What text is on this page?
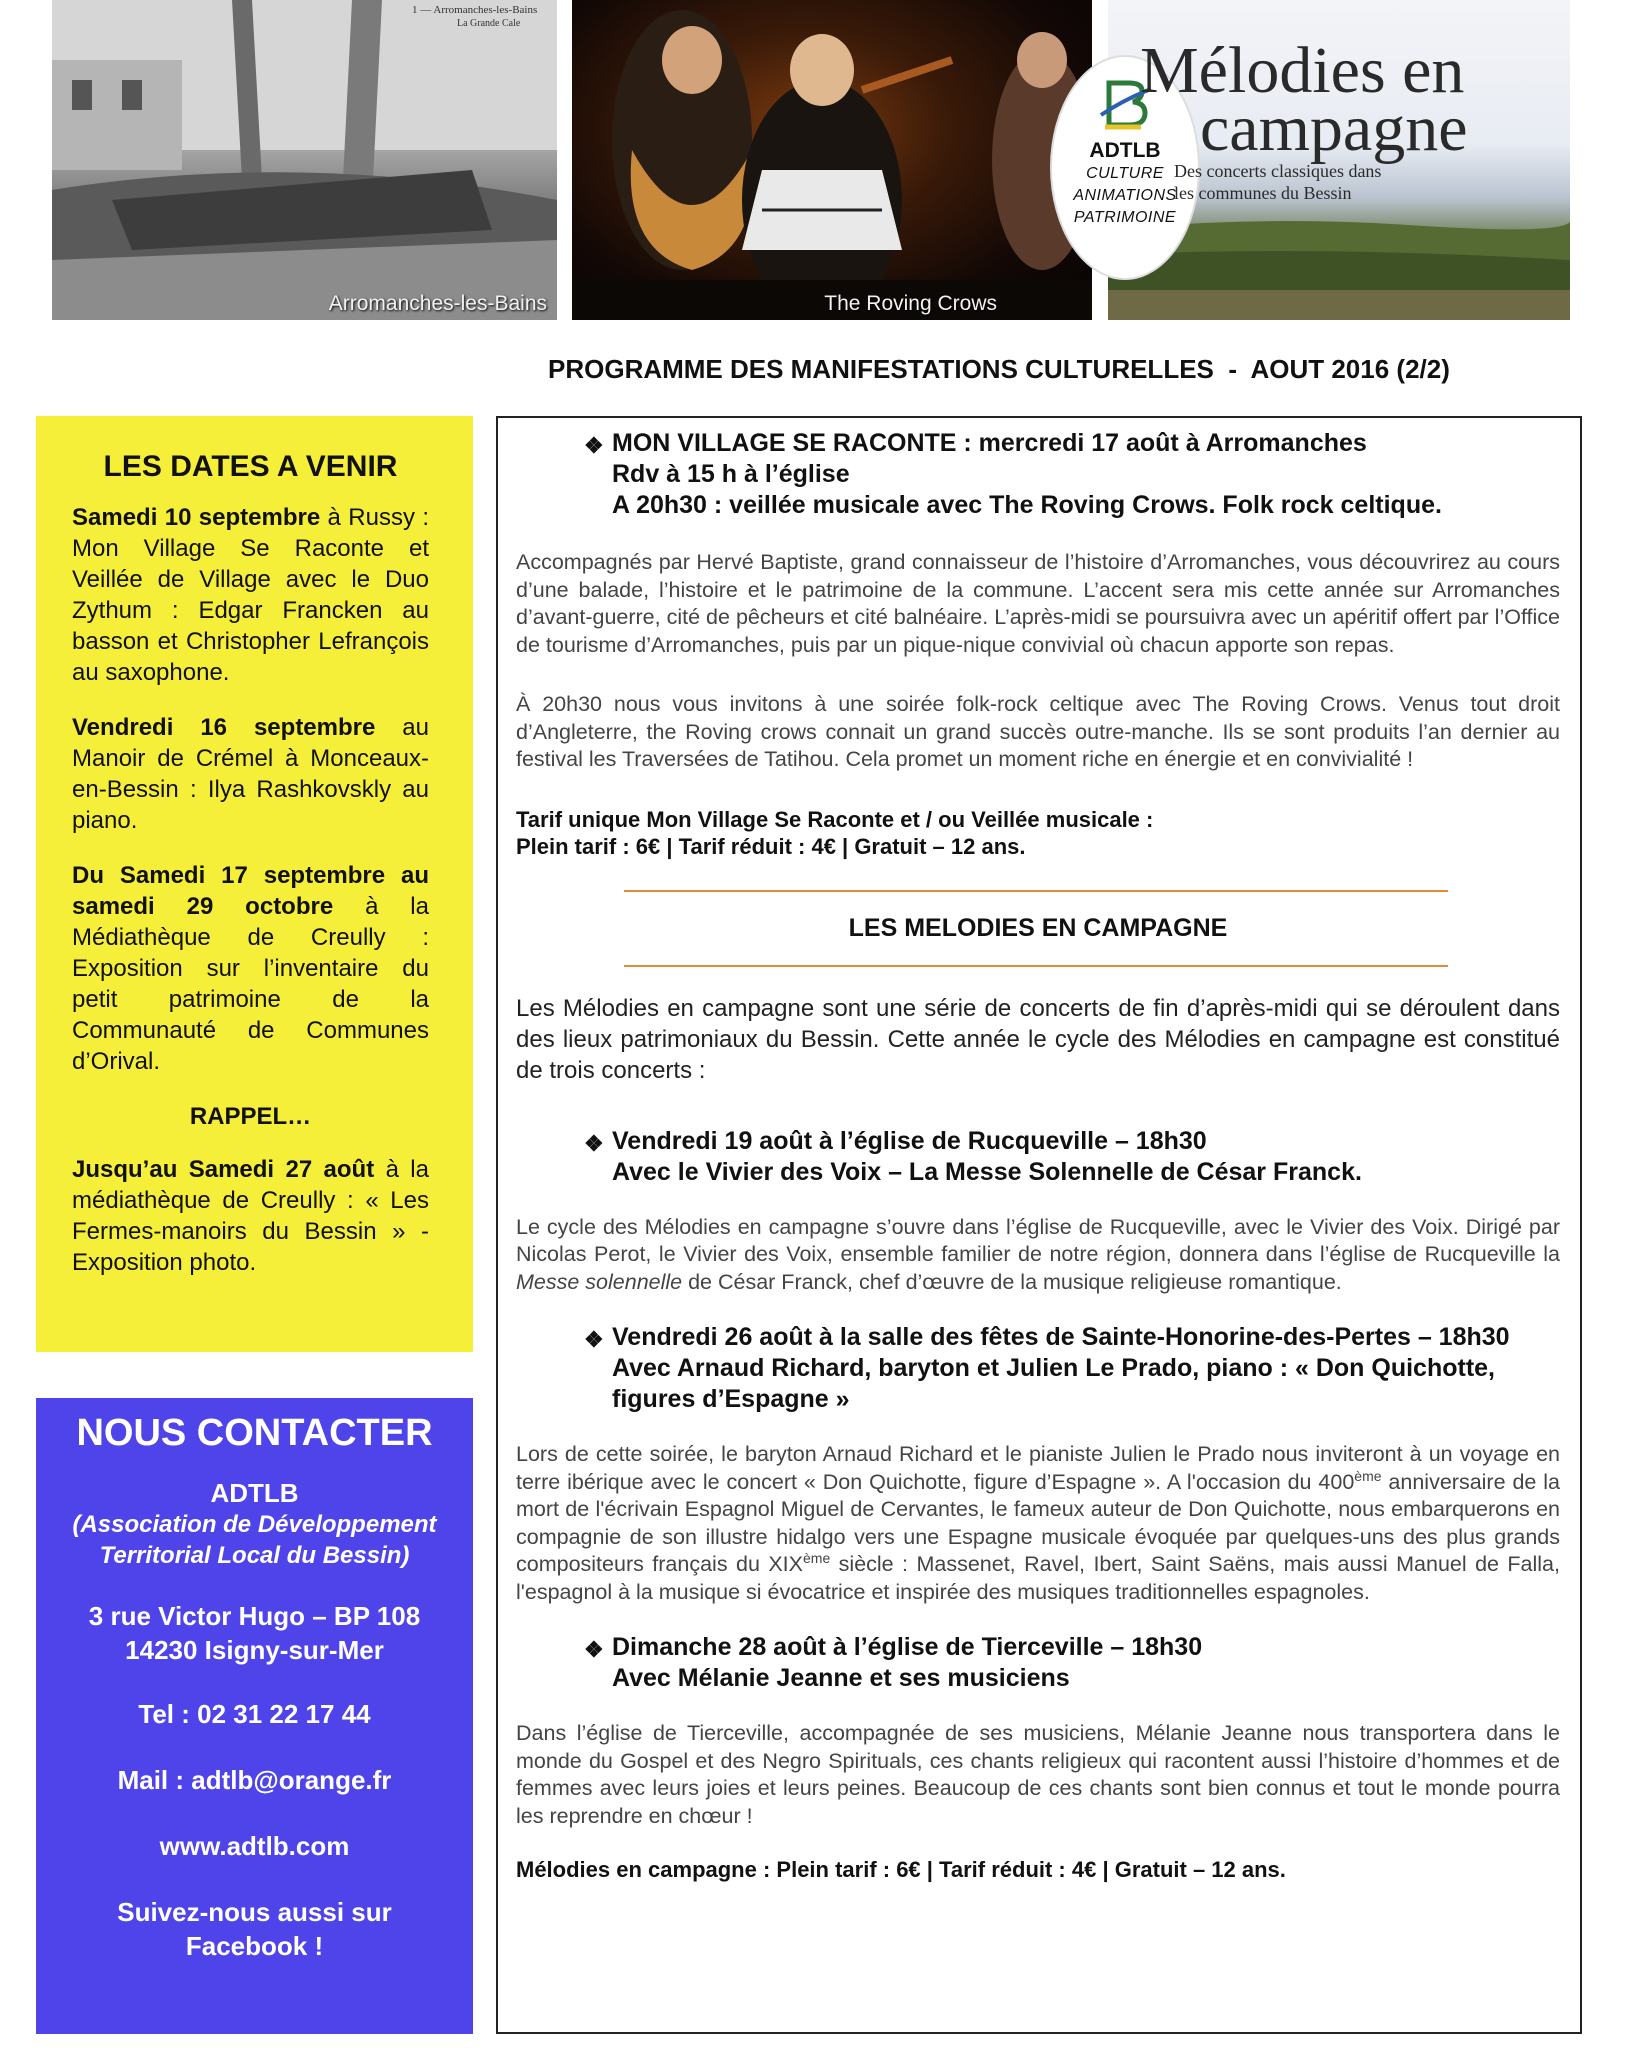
1 — Arromanches-les-Bains
La Grande Cale
Arromanches-les-Bains	The Roving Crows
ADTLB
CULTURE
ANIMATIONS
PATRIMOINE
Mélodies en
campagne
Des concerts classiques dans
les communes du Bessin
PROGRAMME DES MANIFESTATIONS CULTURELLES  -  AOUT 2016 (2/2)
LES DATES A VENIR

Samedi 10 septembre à Russy : Mon Village Se Raconte et Veillée de Village avec le Duo Zythum : Edgar Francken au basson et Christopher Lefrançois au saxophone.

Vendredi 16 septembre au Manoir de Crémel à Monceaux-en-Bessin : Ilya Rashkovskly au piano.

Du Samedi 17 septembre au samedi 29 octobre à la Médiathèque de Creully : Exposition sur l’inventaire du petit patrimoine de la Communauté de Communes d’Orival.

RAPPEL…

Jusqu’au Samedi 27 août à la médiathèque de Creully : « Les Fermes-manoirs du Bessin » - Exposition photo.

NOUS CONTACTER
ADTLB
(Association de Développement Territorial Local du Bessin)
3 rue Victor Hugo – BP 108
14230 Isigny-sur-Mer
Tel : 02 31 22 17 44
Mail : adtlb@orange.fr
www.adtlb.com
Suivez-nous aussi sur Facebook !
❖ MON VILLAGE SE RACONTE : mercredi 17 août à Arromanches
Rdv à 15 h à l’église
A 20h30 : veillée musicale avec The Roving Crows. Folk rock celtique.

Accompagnés par Hervé Baptiste, grand connaisseur de l’histoire d’Arromanches, vous découvrirez au cours d’une balade, l’histoire et le patrimoine de la commune. L’accent sera mis cette année sur Arromanches d’avant-guerre, cité de pêcheurs et cité balnéaire. L’après-midi se poursuivra avec un apéritif offert par l’Office de tourisme d’Arromanches, puis par un pique-nique convivial où chacun apporte son repas.

À 20h30 nous vous invitons à une soirée folk-rock celtique avec The Roving Crows. Venus tout droit d’Angleterre, the Roving crows connait un grand succès outre-manche. Ils se sont produits l’an dernier au festival les Traversées de Tatihou. Cela promet un moment riche en énergie et en convivialité !

Tarif unique Mon Village Se Raconte et / ou Veillée musicale :
Plein tarif : 6€ | Tarif réduit : 4€ | Gratuit – 12 ans.
LES MELODIES EN CAMPAGNE

Les Mélodies en campagne sont une série de concerts de fin d’après-midi qui se déroulent dans des lieux patrimoniaux du Bessin. Cette année le cycle des Mélodies en campagne est constitué de trois concerts :

❖ Vendredi 19 août à l’église de Rucqueville – 18h30
Avec le Vivier des Voix – La Messe Solennelle de César Franck.

Le cycle des Mélodies en campagne s’ouvre dans l’église de Rucqueville, avec le Vivier des Voix. Dirigé par Nicolas Perot, le Vivier des Voix, ensemble familier de notre région, donnera dans l’église de Rucqueville la Messe solennelle de César Franck, chef d’œuvre de la musique religieuse romantique.

❖ Vendredi 26 août à la salle des fêtes de Sainte-Honorine-des-Pertes – 18h30
Avec Arnaud Richard, baryton et Julien Le Prado, piano : « Don Quichotte, figures d’Espagne »

Lors de cette soirée, le baryton Arnaud Richard et le pianiste Julien le Prado nous inviteront à un voyage en terre ibérique avec le concert « Don Quichotte, figure d’Espagne ». A l'occasion du 400ème anniversaire de la mort de l'écrivain Espagnol Miguel de Cervantes, le fameux auteur de Don Quichotte, nous embarquerons en compagnie de son illustre hidalgo vers une Espagne musicale évoquée par quelques-uns des plus grands compositeurs français du XIXème siècle : Massenet, Ravel, Ibert, Saint Saëns, mais aussi Manuel de Falla, l'espagnol à la musique si évocatrice et inspirée des musiques traditionnelles espagnoles.

❖ Dimanche 28 août à l’église de Tierceville – 18h30
Avec Mélanie Jeanne et ses musiciens

Dans l’église de Tierceville, accompagnée de ses musiciens, Mélanie Jeanne nous transportera dans le monde du Gospel et des Negro Spirituals, ces chants religieux qui racontent aussi l’histoire d’hommes et de femmes avec leurs joies et leurs peines. Beaucoup de ces chants sont bien connus et tout le monde pourra les reprendre en chœur !

Mélodies en campagne : Plein tarif : 6€ | Tarif réduit : 4€ | Gratuit – 12 ans.
